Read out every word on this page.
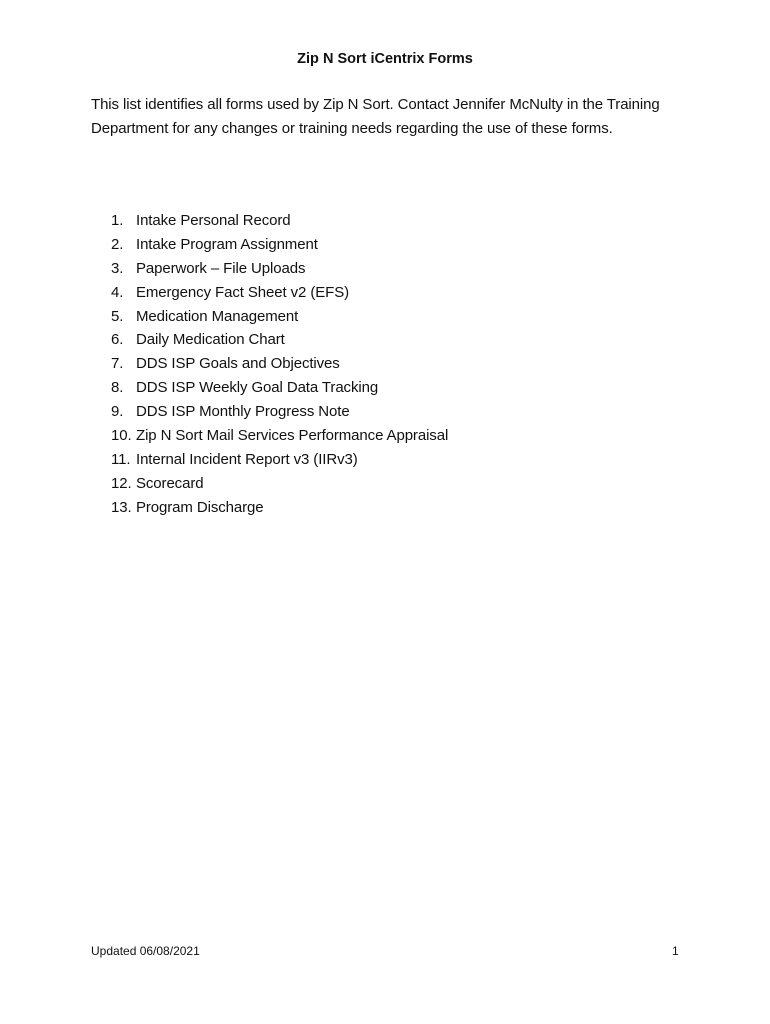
Zip N Sort iCentrix Forms

This list identifies all forms used by Zip N Sort. Contact Jennifer McNulty in the Training Department for any changes or training needs regarding the use of these forms.

1. Intake Personal Record
2. Intake Program Assignment
3. Paperwork – File Uploads
4. Emergency Fact Sheet v2 (EFS)
5. Medication Management
6. Daily Medication Chart
7. DDS ISP Goals and Objectives
8. DDS ISP Weekly Goal Data Tracking
9. DDS ISP Monthly Progress Note
10. Zip N Sort Mail Services Performance Appraisal
11. Internal Incident Report v3 (IIRv3)
12. Scorecard
13. Program Discharge
Updated 06/08/2021	1
